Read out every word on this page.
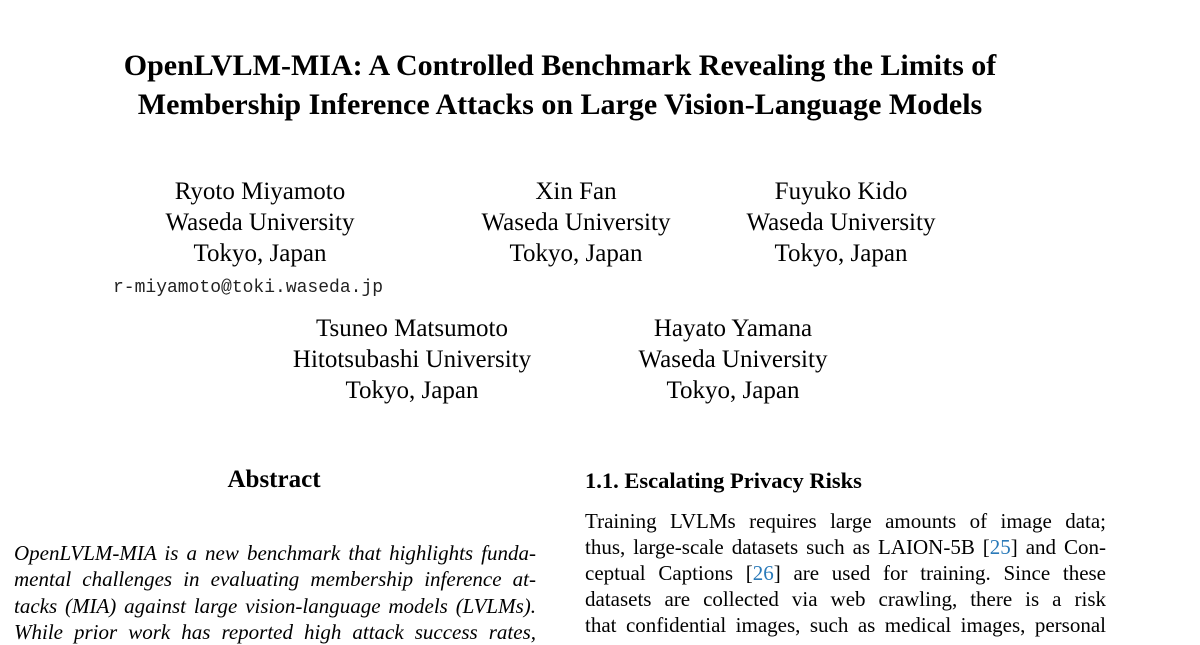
OpenLVLM-MIA: A Controlled Benchmark Revealing the Limits of
Membership Inference Attacks on Large Vision-Language Models
Ryoto Miyamoto
Waseda University
Tokyo, Japan
r-miyamoto@toki.waseda.jp
Xin Fan
Waseda University
Tokyo, Japan
Fuyuko Kido
Waseda University
Tokyo, Japan
Tsuneo Matsumoto
Hitotsubashi University
Tokyo, Japan
Hayato Yamana
Waseda University
Tokyo, Japan
Abstract
OpenLVLM-MIA is a new benchmark that highlights funda-
mental challenges in evaluating membership inference at-
tacks (MIA) against large vision-language models (LVLMs).
While prior work has reported high attack success rates,
1.1. Escalating Privacy Risks
Training LVLMs requires large amounts of image data;
thus, large-scale datasets such as LAION-5B [25] and Con-
ceptual Captions [26] are used for training. Since these
datasets are collected via web crawling, there is a risk
that confidential images, such as medical images, personal
